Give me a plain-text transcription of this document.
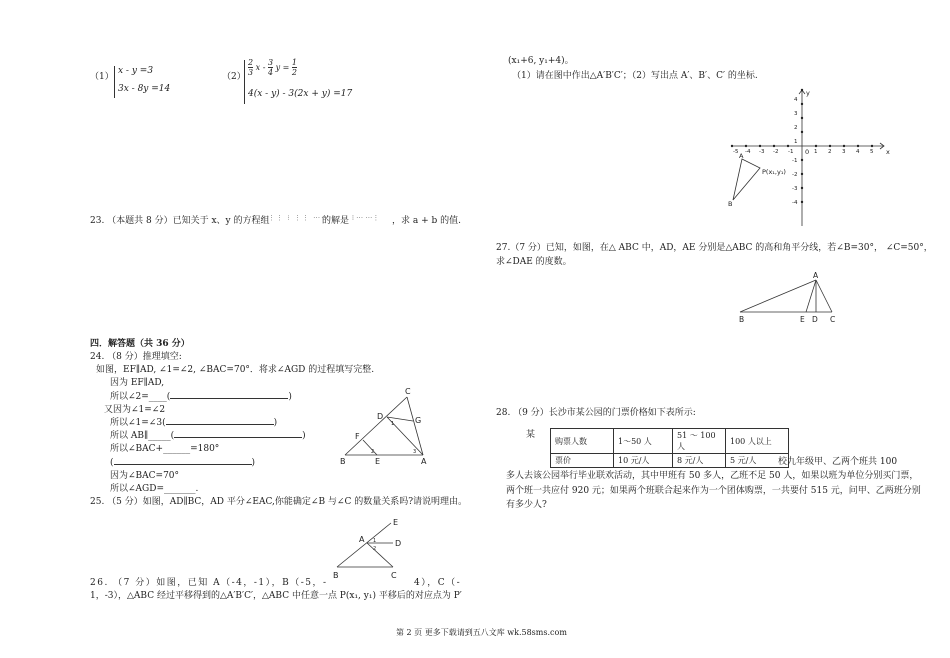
（1）
x - y =3
3x - 8y =14
$(2) \frac{2}{3}$ x - $\frac{3}{4}$ $y = \frac{1}{2}$
4(x - y) - 3(2x + y) =17
23. （本题共 8 分）已知关于 x、y 的方程组
⁞ ⋮⋮ ⁝ ⋮⋮ ⋯⋯
的解是 ⁞ ⋯ ⋯⋮ ，求 a + b 的值.
四．解答题（共 36 分）
24. （8 分）推理填空:
如图，EF∥AD, ∠1=∠2, ∠BAC=70°．将求∠AGD 的过程填写完整.
因为 EF∥AD,
所以∠2=____(	)
又因为∠1=∠2
所以∠1=∠3(	)
所以 AB∥_____(	)
所以∠BAC+______=180°
(	)
因为∠BAC=70°
所以∠AGD=_______.
C
D	G
F
B	E	A
1
2	3
25. （5 分）如图，AD∥BC，AD 平分∠EAC,你能确定∠B 与∠C 的数量关系吗?请说明理由。
E
A	D
B	C
1
2
26. （7 分）如图，已知 A（-4，-1），B（-5，-	4），C（-
1，-3），△ABC 经过平移得到的△A′B′C′，△ABC 中任意一点 P(x₁, y₁) 平移后的对应点为 P′
(x₁+6, y₁+4)。
（1）请在图中作出△A′B′C′；（2）写出点 A′、B′、C′ 的坐标.
x
y
0
A
B
P(x₁,y₁)
-5 -4 -3 -2 -1	1 2 3 4 5
4
3
2
1
-1
-2
-3
-4
27.（7 分）已知，如图，在△ ABC 中，AD，AE 分别是△ABC 的高和角平分线，若∠B=30°， ∠C=50°，
求∠DAE 的度数。
A
B	E D C
28. （9 分）长沙市某公园的门票价格如下表所示:
购票人数	1～50 人	51 ～ 100 人	100 人以上
票价	10 元/人	8 元/人	5 元/人
某
校九年级甲、乙两个班共 100
多人去该公园举行毕业联欢活动，其中甲班有 50 多人，乙班不足 50 人，如果以班为单位分别买门票，
两个班一共应付 920 元；如果两个班联合起来作为一个团体购票，一共要付 515 元，问甲、乙两班分别
有多少人?
第 2 页 更多下载请到五八文库 wk.58sms.com
